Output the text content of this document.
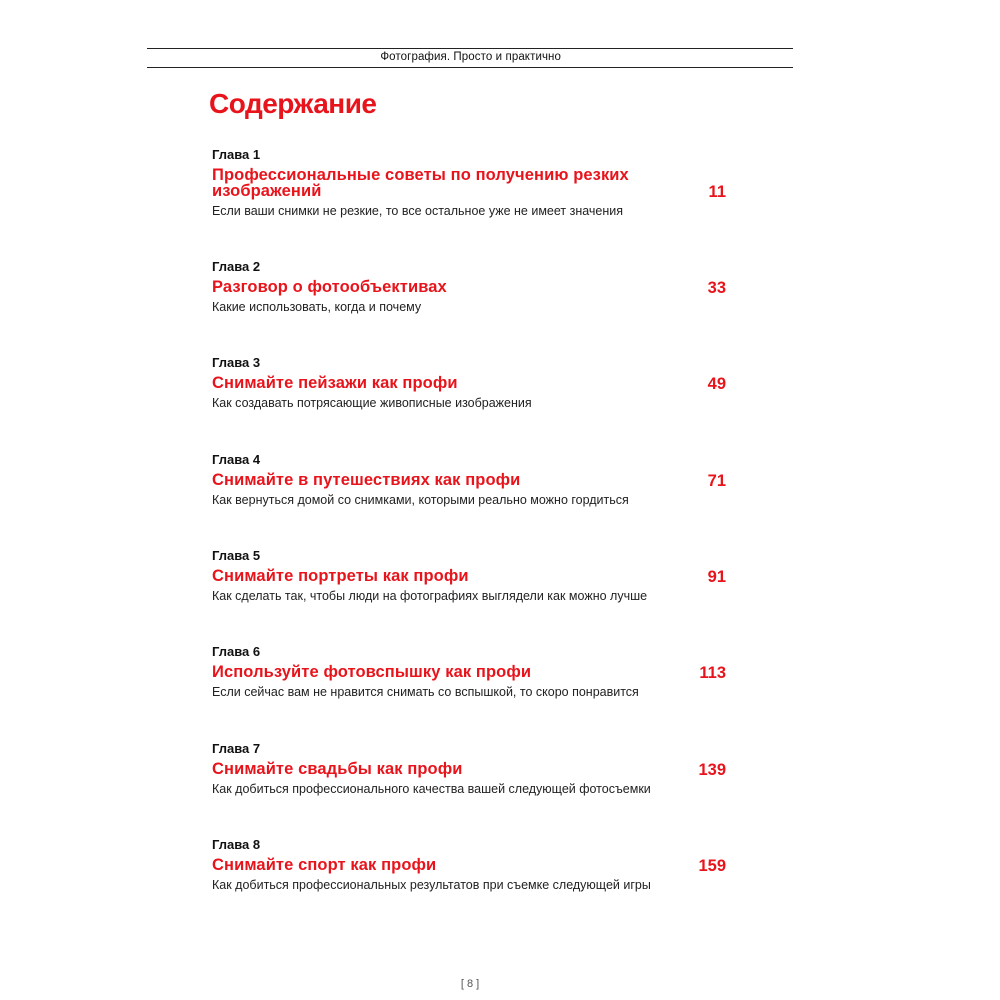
Фотография. Просто и практично
Содержание
Глава 1
Профессиональные советы по получению резких изображений	11
Если ваши снимки не резкие, то все остальное уже не имеет значения
Глава 2
Разговор о фотообъективах	33
Какие использовать, когда и почему
Глава 3
Снимайте пейзажи как профи	49
Как создавать потрясающие живописные изображения
Глава 4
Снимайте в путешествиях как профи	71
Как вернуться домой со снимками, которыми реально можно гордиться
Глава 5
Снимайте портреты как профи	91
Как сделать так, чтобы люди на фотографиях выглядели как можно лучше
Глава 6
Используйте фотовспышку как профи	113
Если сейчас вам не нравится снимать со вспышкой, то скоро понравится
Глава 7
Снимайте свадьбы как профи	139
Как добиться профессионального качества вашей следующей фотосъемки
Глава 8
Снимайте спорт как профи	159
Как добиться профессиональных результатов при съемке следующей игры
[ 8 ]
